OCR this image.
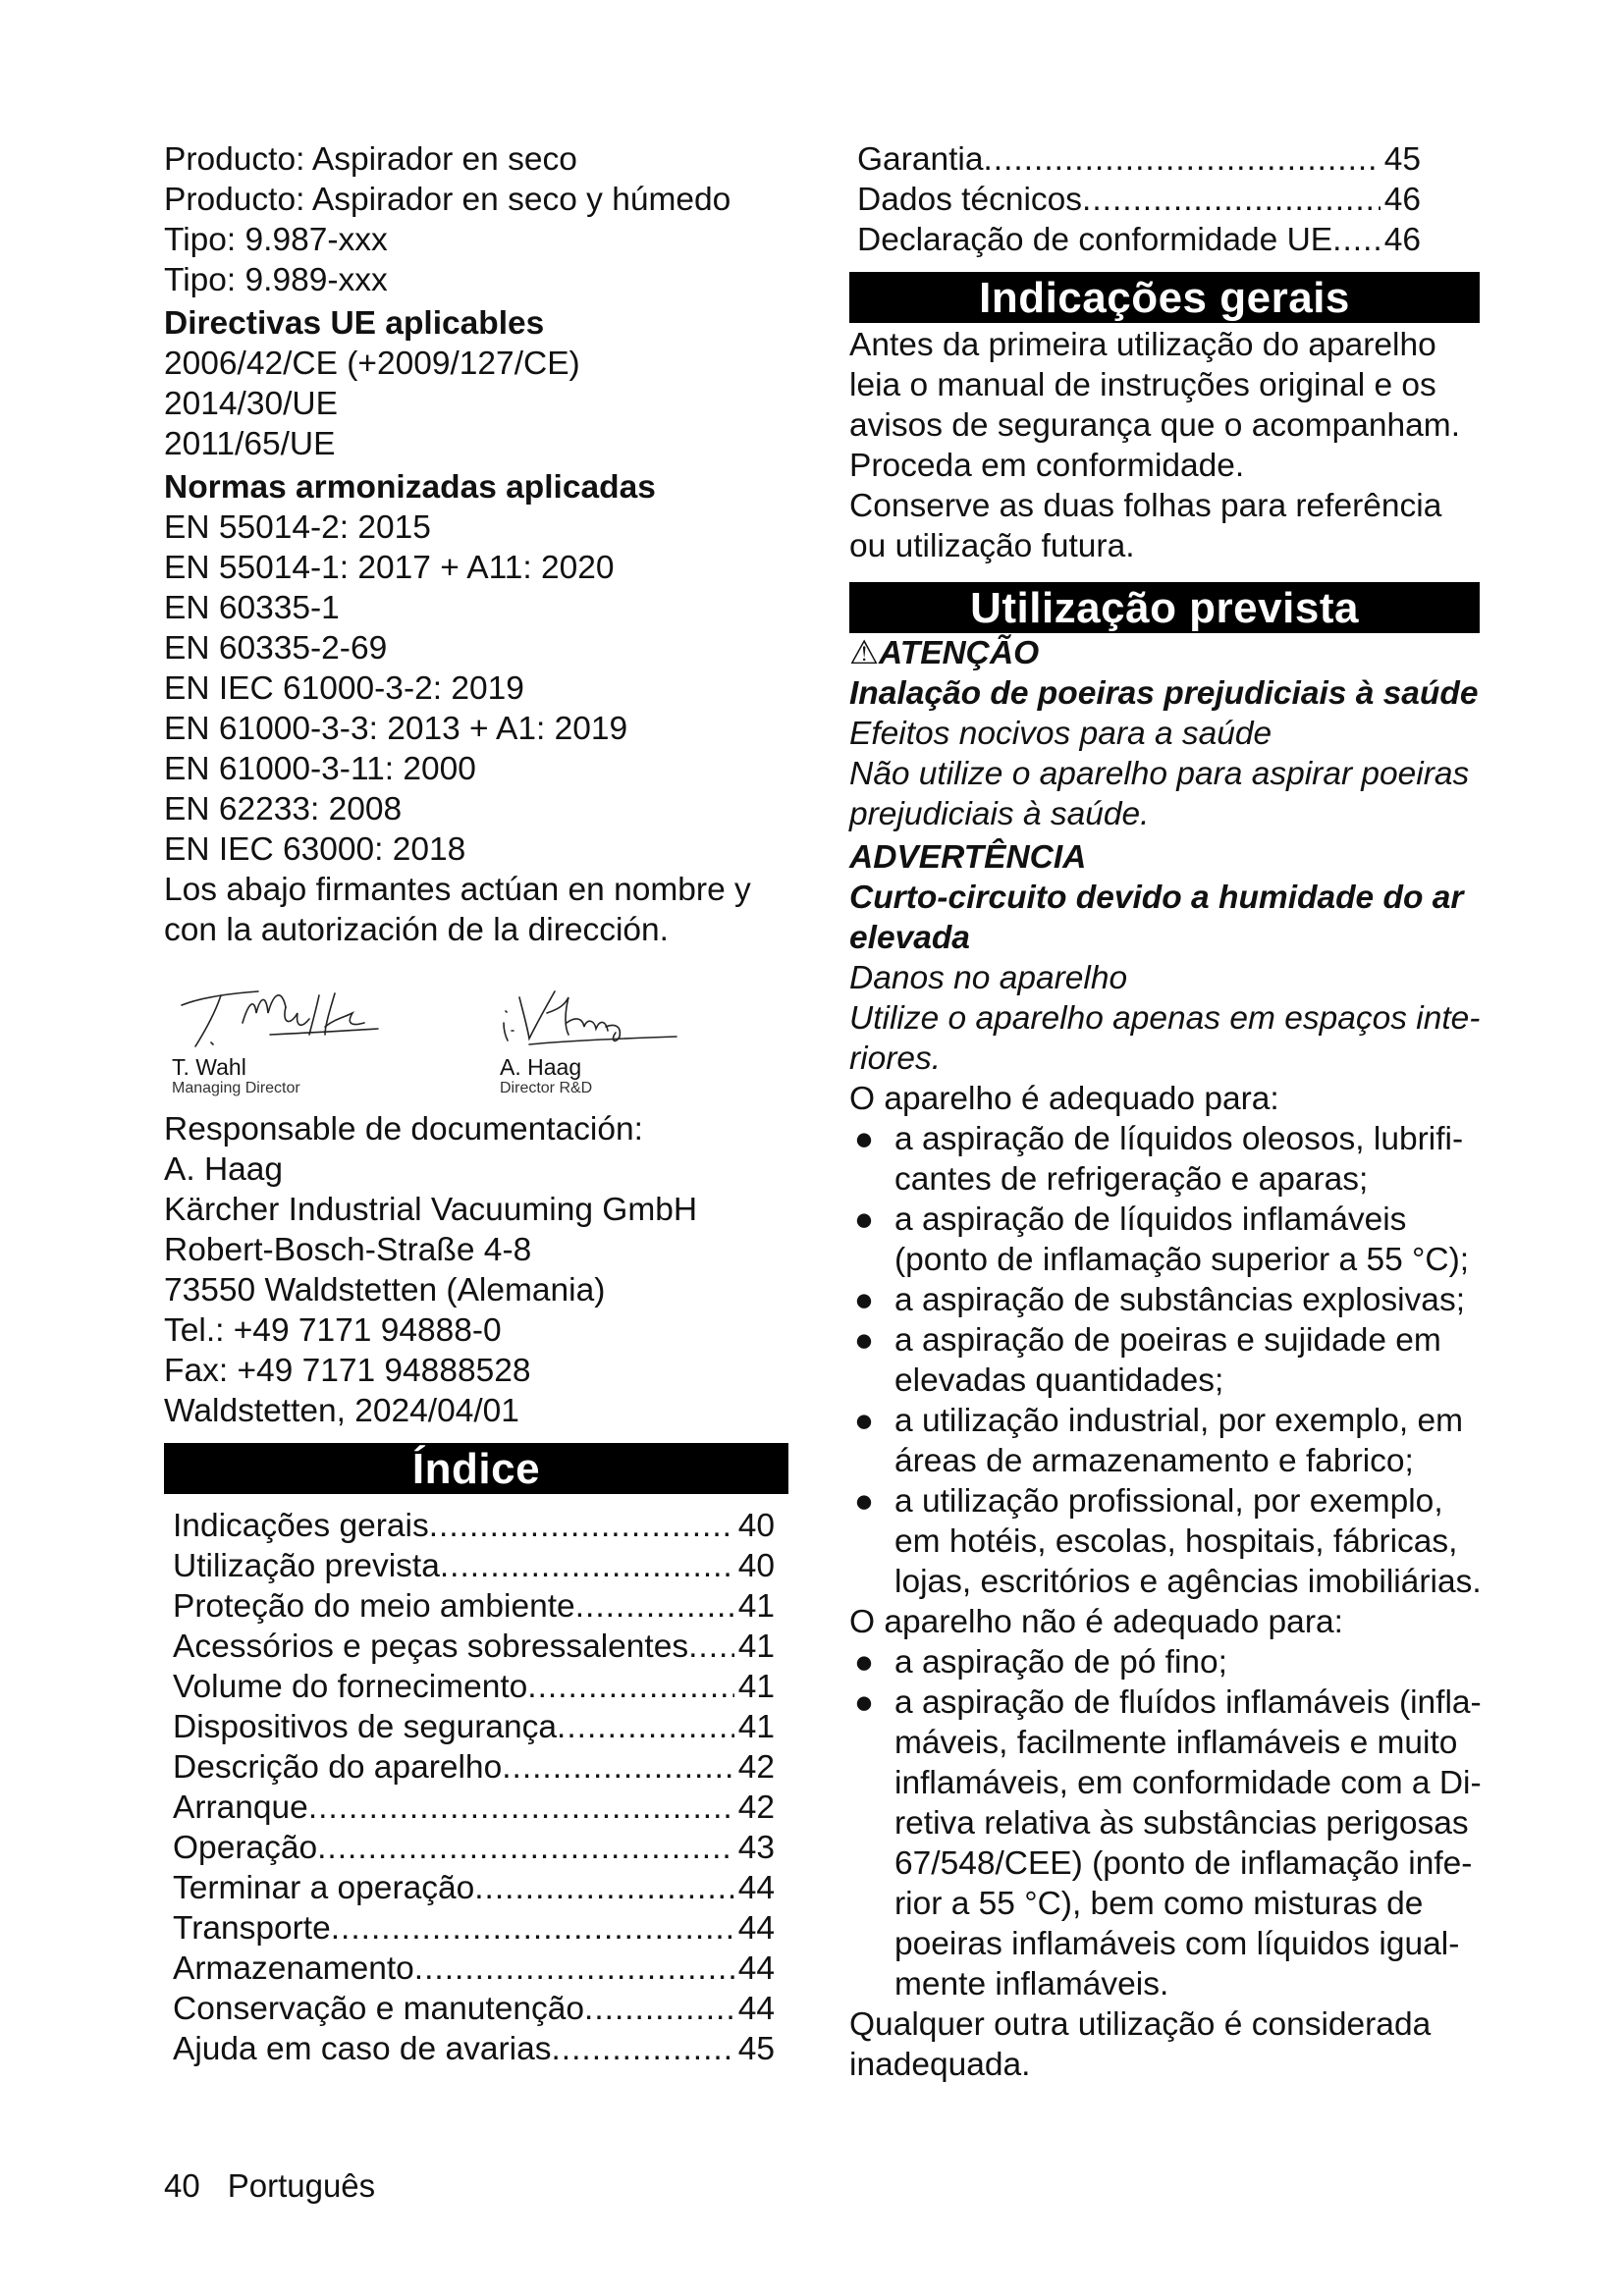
Producto: Aspirador en seco
Producto: Aspirador en seco y húmedo
Tipo: 9.987-xxx
Tipo: 9.989-xxx
Directivas UE aplicables
2006/42/CE (+2009/127/CE)
2014/30/UE
2011/65/UE
Normas armonizadas aplicadas
EN 55014-2: 2015
EN 55014-1: 2017 + A11: 2020
EN 60335-1
EN 60335-2-69
EN IEC 61000-3-2: 2019
EN 61000-3-3: 2013 + A1: 2019
EN 61000-3-11: 2000
EN 62233: 2008
EN IEC 63000: 2018
Los abajo firmantes actúan en nombre y
con la autorización de la dirección.
T. Wahl
Managing Director
A. Haag
Director R&D
Responsable de documentación:
A. Haag
Kärcher Industrial Vacuuming GmbH
Robert-Bosch-Straße 4-8
73550 Waldstetten (Alemania)
Tel.: +49 7171 94888-0
Fax: +49 7171 94888528
Waldstetten, 2024/04/01
Índice
Indicações gerais .....	40
Utilização prevista .....	40
Proteção do meio ambiente .....	41
Acessórios e peças sobressalentes ..... 41
Volume do fornecimento .....	41
Dispositivos de segurança .....	41
Descrição do aparelho .....	42
Arranque .....	42
Operação .....	43
Terminar a operação .....	44
Transporte .....	44
Armazenamento .....	44
Conservação e manutenção .....	44
Ajuda em caso de avarias .....	45
Garantia .....	45
Dados técnicos .....	46
Declaração de conformidade UE ..... 46
Indicações gerais
Antes da primeira utilização do aparelho
leia o manual de instruções original e os
avisos de segurança que o acompanham.
Proceda em conformidade.
Conserve as duas folhas para referência
ou utilização futura.
Utilização prevista
⚠ATENÇÃO
Inalação de poeiras prejudiciais à saúde
Efeitos nocivos para a saúde
Não utilize o aparelho para aspirar poeiras
prejudiciais à saúde.
ADVERTÊNCIA
Curto-circuito devido a humidade do ar
elevada
Danos no aparelho
Utilize o aparelho apenas em espaços inte-
riores.
O aparelho é adequado para:
● a aspiração de líquidos oleosos, lubrifi-
cantes de refrigeração e aparas;
● a aspiração de líquidos inflamáveis
(ponto de inflamação superior a 55 °C);
● a aspiração de substâncias explosivas;
● a aspiração de poeiras e sujidade em
elevadas quantidades;
● a utilização industrial, por exemplo, em
áreas de armazenamento e fabrico;
● a utilização profissional, por exemplo,
em hotéis, escolas, hospitais, fábricas,
lojas, escritórios e agências imobiliárias.
O aparelho não é adequado para:
● a aspiração de pó fino;
● a aspiração de fluídos inflamáveis (infla-
máveis, facilmente inflamáveis e muito
inflamáveis, em conformidade com a Di-
retiva relativa às substâncias perigosas
67/548/CEE) (ponto de inflamação infe-
rior a 55 °C), bem como misturas de
poeiras inflamáveis com líquidos igual-
mente inflamáveis.
Qualquer outra utilização é considerada
inadequada.
40 Português
